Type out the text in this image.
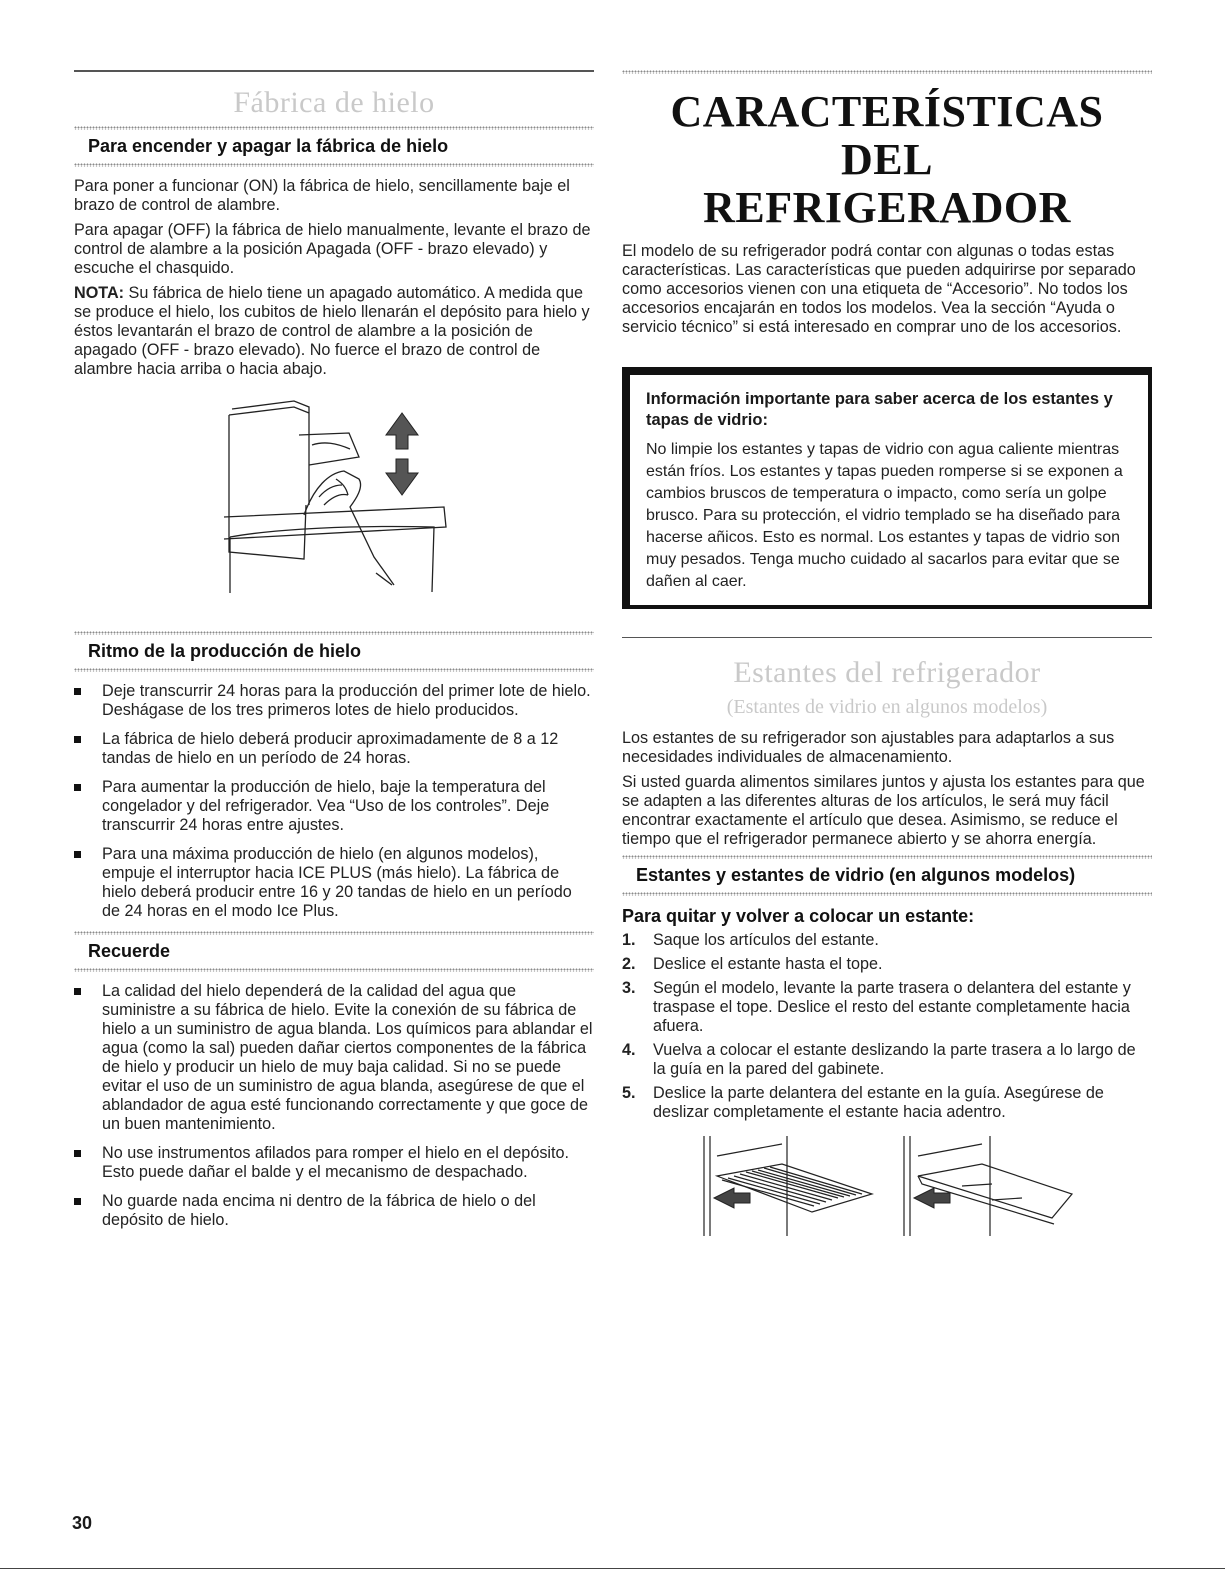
Fábrica de hielo
Para encender y apagar la fábrica de hielo

Para poner a funcionar (ON) la fábrica de hielo, sencillamente baje el brazo de control de alambre.

Para apagar (OFF) la fábrica de hielo manualmente, levante el brazo de control de alambre a la posición Apagada (OFF - brazo elevado) y escuche el chasquido.

NOTA: Su fábrica de hielo tiene un apagado automático. A medida que se produce el hielo, los cubitos de hielo llenarán el depósito para hielo y éstos levantarán el brazo de control de alambre a la posición de apagado (OFF - brazo elevado). No fuerce el brazo de control de alambre hacia arriba o hacia abajo.

Ritmo de la producción de hielo
Deje transcurrir 24 horas para la producción del primer lote de hielo. Deshágase de los tres primeros lotes de hielo producidos.
La fábrica de hielo deberá producir aproximadamente de 8 a 12 tandas de hielo en un período de 24 horas.
Para aumentar la producción de hielo, baje la temperatura del congelador y del refrigerador. Vea “Uso de los controles”. Deje transcurrir 24 horas entre ajustes.
Para una máxima producción de hielo (en algunos modelos), empuje el interruptor hacia ICE PLUS (más hielo). La fábrica de hielo deberá producir entre 16 y 20 tandas de hielo en un período de 24 horas en el modo Ice Plus.
Recuerde
La calidad del hielo dependerá de la calidad del agua que suministre a su fábrica de hielo. Evite la conexión de su fábrica de hielo a un suministro de agua blanda. Los químicos para ablandar el agua (como la sal) pueden dañar ciertos componentes de la fábrica de hielo y producir un hielo de muy baja calidad. Si no se puede evitar el uso de un suministro de agua blanda, asegúrese de que el ablandador de agua esté funcionando correctamente y que goce de un buen mantenimiento.
No use instrumentos afilados para romper el hielo en el depósito. Esto puede dañar el balde y el mecanismo de despachado.
No guarde nada encima ni dentro de la fábrica de hielo o del depósito de hielo.
CARACTERÍSTICAS DEL
REFRIGERADOR

El modelo de su refrigerador podrá contar con algunas o todas estas características. Las características que pueden adquirirse por separado como accesorios vienen con una etiqueta de “Accesorio”. No todos los accesorios encajarán en todos los modelos. Vea la sección “Ayuda o servicio técnico” si está interesado en comprar uno de los accesorios.

Información importante para saber acerca de los estantes y tapas de vidrio:

No limpie los estantes y tapas de vidrio con agua caliente mientras están fríos. Los estantes y tapas pueden romperse si se exponen a cambios bruscos de temperatura o impacto, como sería un golpe brusco. Para su protección, el vidrio templado se ha diseñado para hacerse añicos. Esto es normal. Los estantes y tapas de vidrio son muy pesados. Tenga mucho cuidado al sacarlos para evitar que se dañen al caer.

Estantes del refrigerador
(Estantes de vidrio en algunos modelos)

Los estantes de su refrigerador son ajustables para adaptarlos a sus necesidades individuales de almacenamiento.

Si usted guarda alimentos similares juntos y ajusta los estantes para que se adapten a las diferentes alturas de los artículos, le será muy fácil encontrar exactamente el artículo que desea. Asimismo, se reduce el tiempo que el refrigerador permanece abierto y se ahorra energía.

Estantes y estantes de vidrio (en algunos modelos)
Para quitar y volver a colocar un estante:
1. Saque los artículos del estante.
2. Deslice el estante hasta el tope.
3. Según el modelo, levante la parte trasera o delantera del estante y traspase el tope. Deslice el resto del estante completamente hacia afuera.
4. Vuelva a colocar el estante deslizando la parte trasera a lo largo de la guía en la pared del gabinete.
5. Deslice la parte delantera del estante en la guía. Asegúrese de deslizar completamente el estante hacia adentro.
30
